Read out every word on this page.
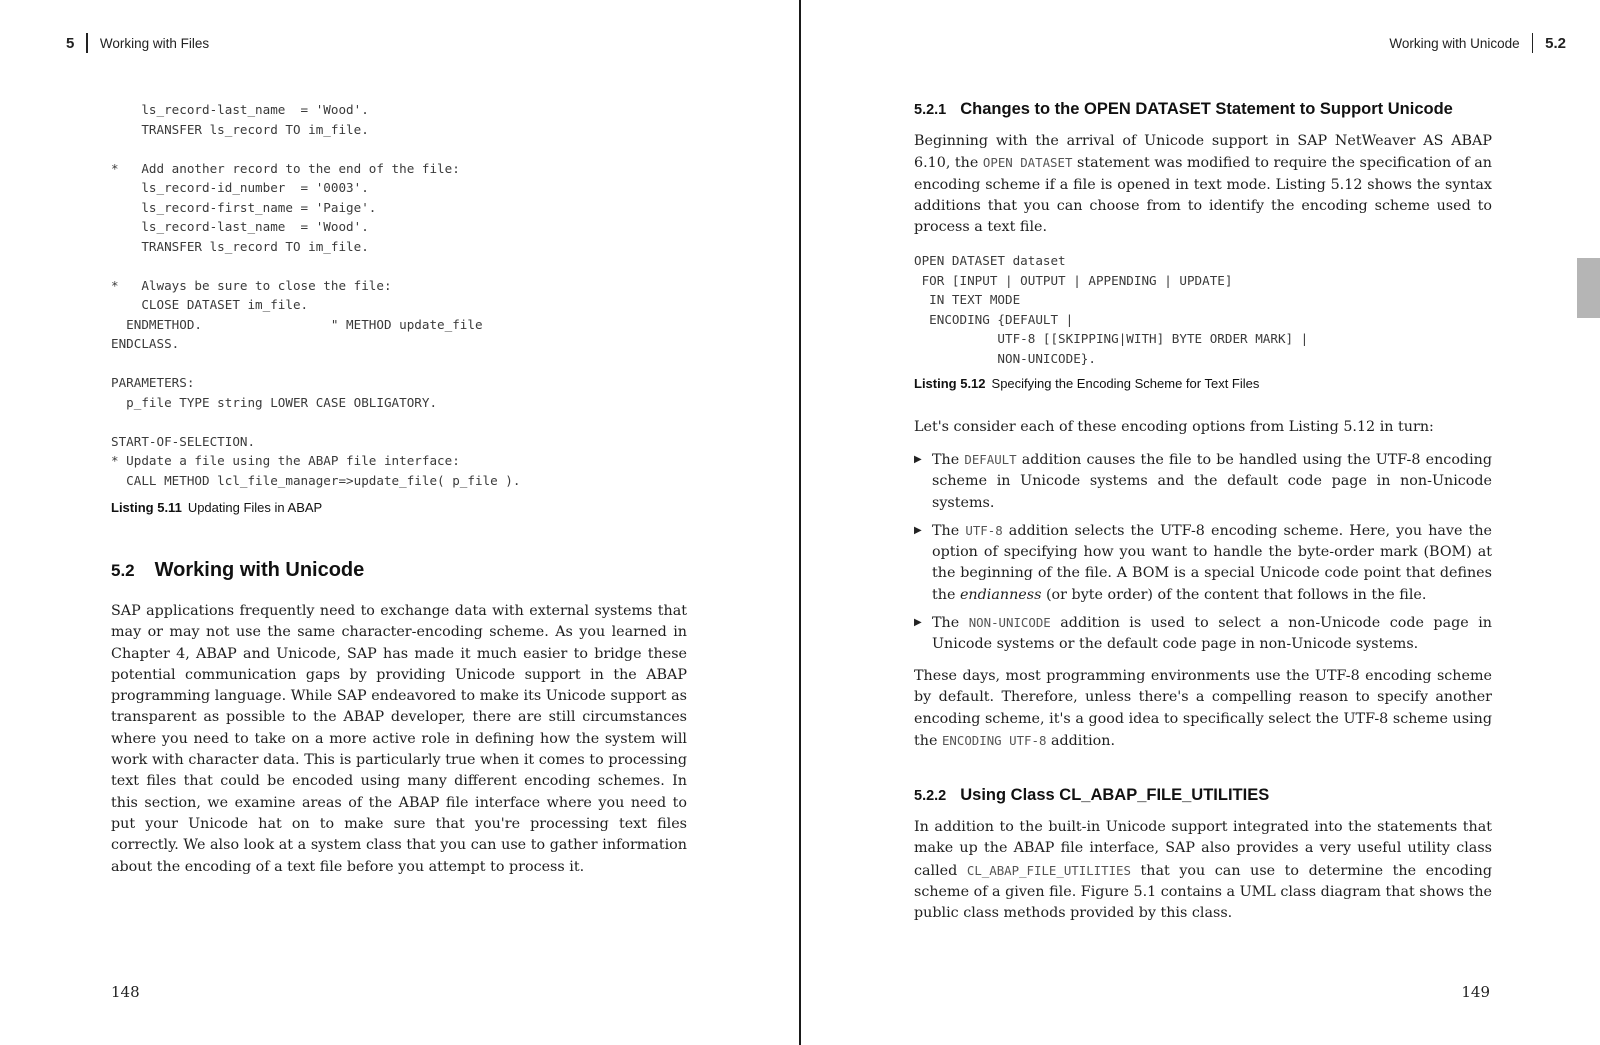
5 Working with Files
ls_record-last_name  = 'Wood'.
TRANSFER ls_record TO im_file.

*   Add another record to the end of the file:
ls_record-id_number  = '0003'.
ls_record-first_name = 'Paige'.
ls_record-last_name  = 'Wood'.
TRANSFER ls_record TO im_file.

*   Always be sure to close the file:
CLOSE DATASET im_file.
ENDMETHOD.                 " METHOD update_file
ENDCLASS.

PARAMETERS:
p_file TYPE string LOWER CASE OBLIGATORY.

START-OF-SELECTION.
* Update a file using the ABAP file interface:
CALL METHOD lcl_file_manager=>update_file( p_file ).
Listing 5.11 Updating Files in ABAP
5.2 Working with Unicode

SAP applications frequently need to exchange data with external systems that may or may not use the same character-encoding scheme. As you learned in Chapter 4, ABAP and Unicode, SAP has made it much easier to bridge these potential communication gaps by providing Unicode support in the ABAP programming language. While SAP endeavored to make its Unicode support as transparent as possible to the ABAP developer, there are still circumstances where you need to take on a more active role in defining how the system will work with character data. This is particularly true when it comes to processing text files that could be encoded using many different encoding schemes. In this section, we examine areas of the ABAP file interface where you need to put your Unicode hat on to make sure that you're processing text files correctly. We also look at a system class that you can use to gather information about the encoding of a text file before you attempt to process it.

148
Working with Unicode 5.2
5.2.1 Changes to the OPEN DATASET Statement to Support Unicode

Beginning with the arrival of Unicode support in SAP NetWeaver AS ABAP 6.10, the OPEN DATASET statement was modified to require the specification of an encoding scheme if a file is opened in text mode. Listing 5.12 shows the syntax additions that you can choose from to identify the encoding scheme used to process a text file.

OPEN DATASET dataset
FOR [INPUT | OUTPUT | APPENDING | UPDATE]
IN TEXT MODE
ENCODING {DEFAULT |
UTF-8 [[SKIPPING|WITH] BYTE ORDER MARK] |
NON-UNICODE}.
Listing 5.12 Specifying the Encoding Scheme for Text Files

Let's consider each of these encoding options from Listing 5.12 in turn:

▶ The DEFAULT addition causes the file to be handled using the UTF-8 encoding scheme in Unicode systems and the default code page in non-Unicode systems.
▶ The UTF-8 addition selects the UTF-8 encoding scheme. Here, you have the option of specifying how you want to handle the byte-order mark (BOM) at the beginning of the file. A BOM is a special Unicode code point that defines the endianness (or byte order) of the content that follows in the file.
▶ The NON-UNICODE addition is used to select a non-Unicode code page in Unicode systems or the default code page in non-Unicode systems.

These days, most programming environments use the UTF-8 encoding scheme by default. Therefore, unless there's a compelling reason to specify another encoding scheme, it's a good idea to specifically select the UTF-8 scheme using the ENCODING UTF-8 addition.

5.2.2 Using Class CL_ABAP_FILE_UTILITIES

In addition to the built-in Unicode support integrated into the statements that make up the ABAP file interface, SAP also provides a very useful utility class called CL_ABAP_FILE_UTILITIES that you can use to determine the encoding scheme of a given file. Figure 5.1 contains a UML class diagram that shows the public class methods provided by this class.

149
